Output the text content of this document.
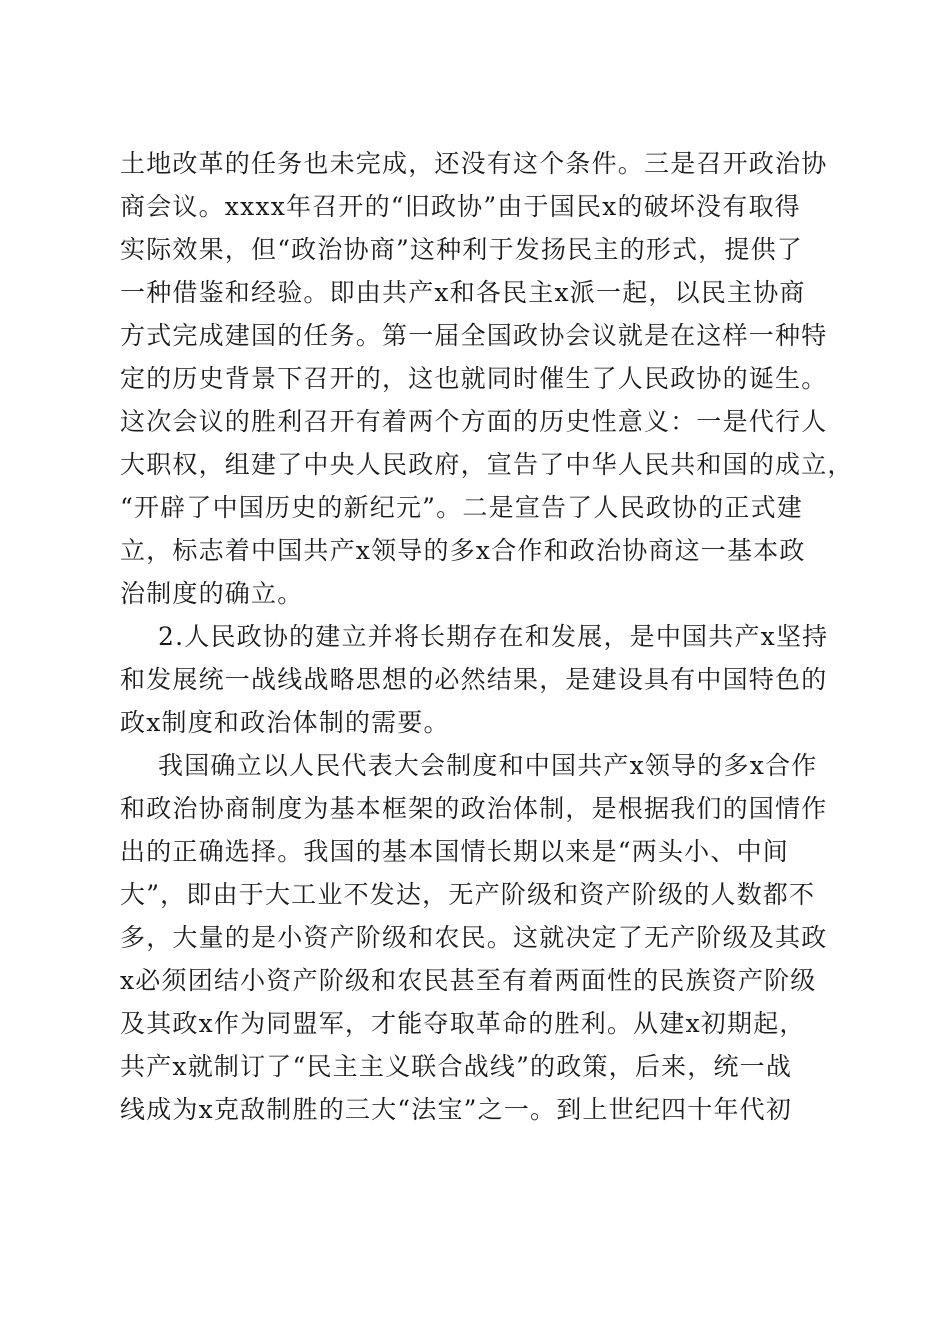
土地改革的任务也未完成，还没有这个条件。三是召开政治协
商会议。xxxx年召开的“旧政协”由于国民x的破坏没有取得
实际效果，但“政治协商”这种利于发扬民主的形式，提供了
一种借鉴和经验。即由共产x和各民主x派一起，以民主协商
方式完成建国的任务。第一届全国政协会议就是在这样一种特
定的历史背景下召开的，这也就同时催生了人民政协的诞生。
这次会议的胜利召开有着两个方面的历史性意义：一是代行人
大职权，组建了中央人民政府，宣告了中华人民共和国的成立，
“开辟了中国历史的新纪元”。二是宣告了人民政协的正式建
立，标志着中国共产x领导的多x合作和政治协商这一基本政
治制度的确立。
2.人民政协的建立并将长期存在和发展，是中国共产x坚持
和发展统一战线战略思想的必然结果，是建设具有中国特色的
政x制度和政治体制的需要。
我国确立以人民代表大会制度和中国共产x领导的多x合作
和政治协商制度为基本框架的政治体制，是根据我们的国情作
出的正确选择。我国的基本国情长期以来是“两头小、中间
大”，即由于大工业不发达，无产阶级和资产阶级的人数都不
多，大量的是小资产阶级和农民。这就决定了无产阶级及其政
x必须团结小资产阶级和农民甚至有着两面性的民族资产阶级
及其政x作为同盟军，才能夺取革命的胜利。从建x初期起，
共产x就制订了“民主主义联合战线”的政策，后来，统一战
线成为x克敌制胜的三大“法宝”之一。到上世纪四十年代初
